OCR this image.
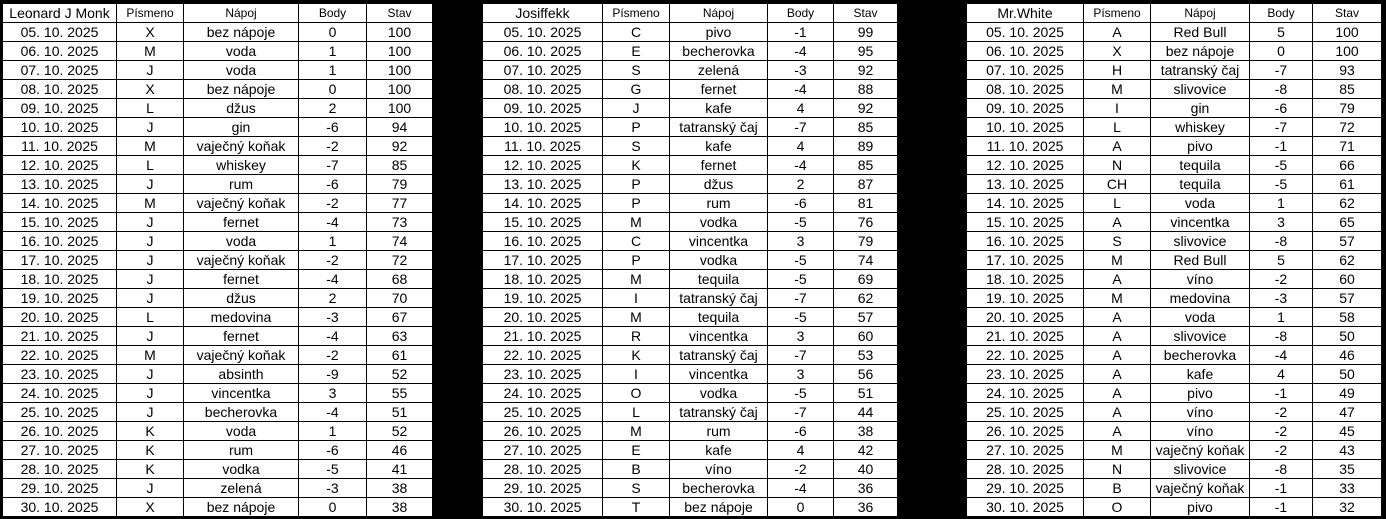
Leonard J Monk	Písmeno	Nápoj	Body	Stav
05. 10. 2025	X	bez nápoje	0	100
06. 10. 2025	M	voda	1	100
07. 10. 2025	J	voda	1	100
08. 10. 2025	X	bez nápoje	0	100
09. 10. 2025	L	džus	2	100
10. 10. 2025	J	gin	-6	94
11. 10. 2025	M	vaječný koňak	-2	92
12. 10. 2025	L	whiskey	-7	85
13. 10. 2025	J	rum	-6	79
14. 10. 2025	M	vaječný koňak	-2	77
15. 10. 2025	J	fernet	-4	73
16. 10. 2025	J	voda	1	74
17. 10. 2025	J	vaječný koňak	-2	72
18. 10. 2025	J	fernet	-4	68
19. 10. 2025	J	džus	2	70
20. 10. 2025	L	medovina	-3	67
21. 10. 2025	J	fernet	-4	63
22. 10. 2025	M	vaječný koňak	-2	61
23. 10. 2025	J	absinth	-9	52
24. 10. 2025	J	vincentka	3	55
25. 10. 2025	J	becherovka	-4	51
26. 10. 2025	K	voda	1	52
27. 10. 2025	K	rum	-6	46
28. 10. 2025	K	vodka	-5	41
29. 10. 2025	J	zelená	-3	38
30. 10. 2025	X	bez nápoje	0	38
Josiffekk	Písmeno	Nápoj	Body	Stav
05. 10. 2025	C	pivo	-1	99
06. 10. 2025	E	becherovka	-4	95
07. 10. 2025	S	zelená	-3	92
08. 10. 2025	G	fernet	-4	88
09. 10. 2025	J	kafe	4	92
10. 10. 2025	P	tatranský čaj	-7	85
11. 10. 2025	S	kafe	4	89
12. 10. 2025	K	fernet	-4	85
13. 10. 2025	P	džus	2	87
14. 10. 2025	P	rum	-6	81
15. 10. 2025	M	vodka	-5	76
16. 10. 2025	C	vincentka	3	79
17. 10. 2025	P	vodka	-5	74
18. 10. 2025	M	tequila	-5	69
19. 10. 2025	I	tatranský čaj	-7	62
20. 10. 2025	M	tequila	-5	57
21. 10. 2025	R	vincentka	3	60
22. 10. 2025	K	tatranský čaj	-7	53
23. 10. 2025	I	vincentka	3	56
24. 10. 2025	O	vodka	-5	51
25. 10. 2025	L	tatranský čaj	-7	44
26. 10. 2025	M	rum	-6	38
27. 10. 2025	E	kafe	4	42
28. 10. 2025	B	víno	-2	40
29. 10. 2025	S	becherovka	-4	36
30. 10. 2025	T	bez nápoje	0	36
Mr.White	Písmeno	Nápoj	Body	Stav
05. 10. 2025	A	Red Bull	5	100
06. 10. 2025	X	bez nápoje	0	100
07. 10. 2025	H	tatranský čaj	-7	93
08. 10. 2025	M	slivovice	-8	85
09. 10. 2025	I	gin	-6	79
10. 10. 2025	L	whiskey	-7	72
11. 10. 2025	A	pivo	-1	71
12. 10. 2025	N	tequila	-5	66
13. 10. 2025	CH	tequila	-5	61
14. 10. 2025	L	voda	1	62
15. 10. 2025	A	vincentka	3	65
16. 10. 2025	S	slivovice	-8	57
17. 10. 2025	M	Red Bull	5	62
18. 10. 2025	A	víno	-2	60
19. 10. 2025	M	medovina	-3	57
20. 10. 2025	A	voda	1	58
21. 10. 2025	A	slivovice	-8	50
22. 10. 2025	A	becherovka	-4	46
23. 10. 2025	A	kafe	4	50
24. 10. 2025	A	pivo	-1	49
25. 10. 2025	A	víno	-2	47
26. 10. 2025	A	víno	-2	45
27. 10. 2025	M	vaječný koňak	-2	43
28. 10. 2025	N	slivovice	-8	35
29. 10. 2025	B	vaječný koňak	-1	33
30. 10. 2025	O	pivo	-1	32
